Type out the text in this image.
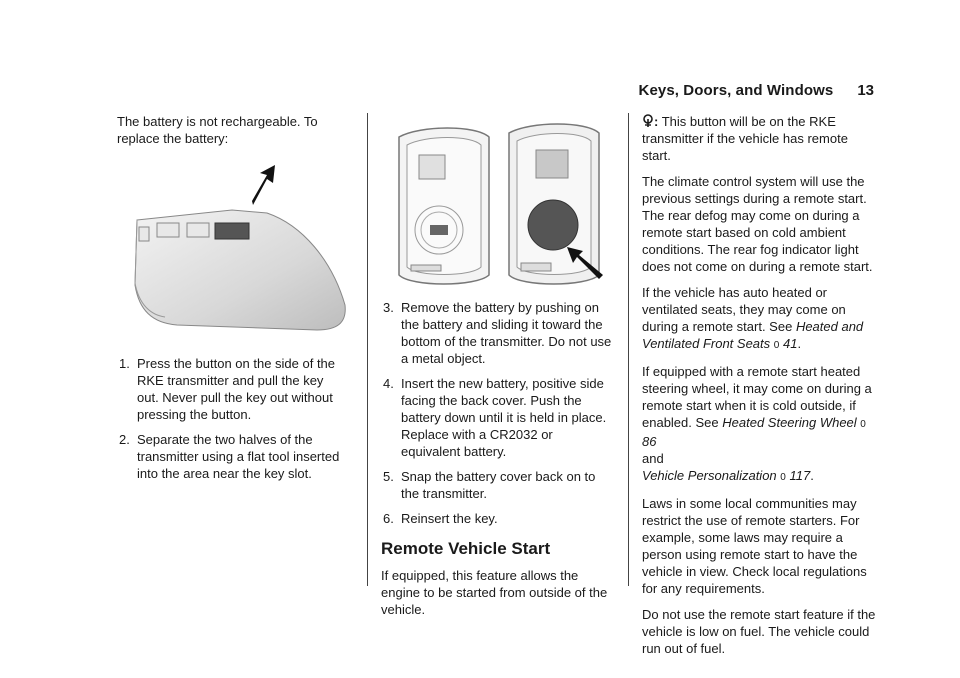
Keys, Doors, and Windows 13

The battery is not rechargeable. To replace the battery:

1. Press the button on the side of the RKE transmitter and pull the key out. Never pull the key out without pressing the button.
2. Separate the two halves of the transmitter using a flat tool inserted into the area near the key slot.
3. Remove the battery by pushing on the battery and sliding it toward the bottom of the transmitter. Do not use a metal object.
4. Insert the new battery, positive side facing the back cover. Push the battery down until it is held in place. Replace with a CR2032 or equivalent battery.
5. Snap the battery cover back on to the transmitter.
6. Reinsert the key.
Remote Vehicle Start

If equipped, this feature allows the engine to be started from outside of the vehicle.

: This button will be on the RKE transmitter if the vehicle has remote start.

The climate control system will use the previous settings during a remote start. The rear defog may come on during a remote start based on cold ambient conditions. The rear fog indicator light does not come on during a remote start.

If the vehicle has auto heated or ventilated seats, they may come on during a remote start. See Heated and Ventilated Front Seats 0 41.

If equipped with a remote start heated steering wheel, it may come on during a remote start when it is cold outside, if enabled. See Heated Steering Wheel 0 86
and
Vehicle Personalization 0 117.

Laws in some local communities may restrict the use of remote starters. For example, some laws may require a person using remote start to have the vehicle in view. Check local regulations for any requirements.

Do not use the remote start feature if the vehicle is low on fuel. The vehicle could run out of fuel.
